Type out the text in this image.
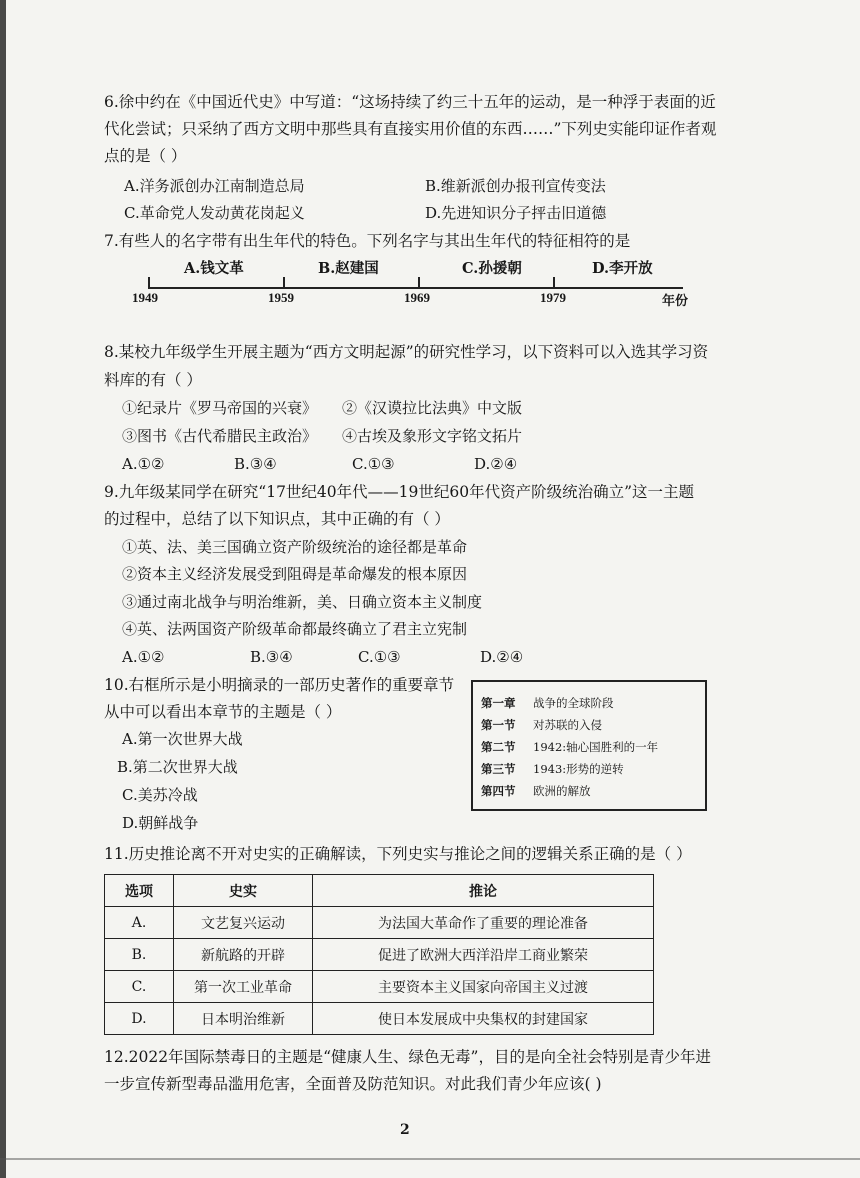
6.徐中约在《中国近代史》中写道：“这场持续了约三十五年的运动，是一种浮于表面的近
代化尝试；只采纳了西方文明中那些具有直接实用价值的东西……”下列史实能印证作者观
点的是（ ）
A.洋务派创办江南制造总局	B.维新派创办报刊宣传变法
C.革命党人发动黄花岗起义	D.先进知识分子抨击旧道德
7.有些人的名字带有出生年代的特色。下列名字与其出生年代的特征相符的是
A.钱文革	B.赵建国	C.孙援朝	D.李开放
1949	1959	1969	1979	年份
8.某校九年级学生开展主题为“西方文明起源”的研究性学习，以下资料可以入选其学习资
料库的有（ ）
①纪录片《罗马帝国的兴衰》 ②《汉谟拉比法典》中文版
③图书《古代希腊民主政治》 ④古埃及象形文字铭文拓片
A.①②	B.③④	C.①③	D.②④
9.九年级某同学在研究“17世纪40年代——19世纪60年代资产阶级统治确立”这一主题
的过程中，总结了以下知识点，其中正确的有（ ）
①英、法、美三国确立资产阶级统治的途径都是革命
②资本主义经济发展受到阻碍是革命爆发的根本原因
③通过南北战争与明治维新，美、日确立资本主义制度
④英、法两国资产阶级革命都最终确立了君主立宪制
A.①②	B.③④	C.①③	D.②④
10.右框所示是小明摘录的一部历史著作的重要章节
从中可以看出本章节的主题是（ ）
A.第一次世界大战
B.第二次世界大战
C.美苏冷战
D.朝鲜战争
第一章 战争的全球阶段
第一节 对苏联的入侵
第二节 1942:轴心国胜利的一年
第三节 1943:形势的逆转
第四节 欧洲的解放
11.历史推论离不开对史实的正确解读，下列史实与推论之间的逻辑关系正确的是（ ）
选项	史实	推论
A.	文艺复兴运动	为法国大革命作了重要的理论准备
B.	新航路的开辟	促进了欧洲大西洋沿岸工商业繁荣
C.	第一次工业革命	主要资本主义国家向帝国主义过渡
D.	日本明治维新	使日本发展成中央集权的封建国家
12.2022年国际禁毒日的主题是“健康人生、绿色无毒”，目的是向全社会特别是青少年进
一步宣传新型毒品滥用危害，全面普及防范知识。对此我们青少年应该( )
2
